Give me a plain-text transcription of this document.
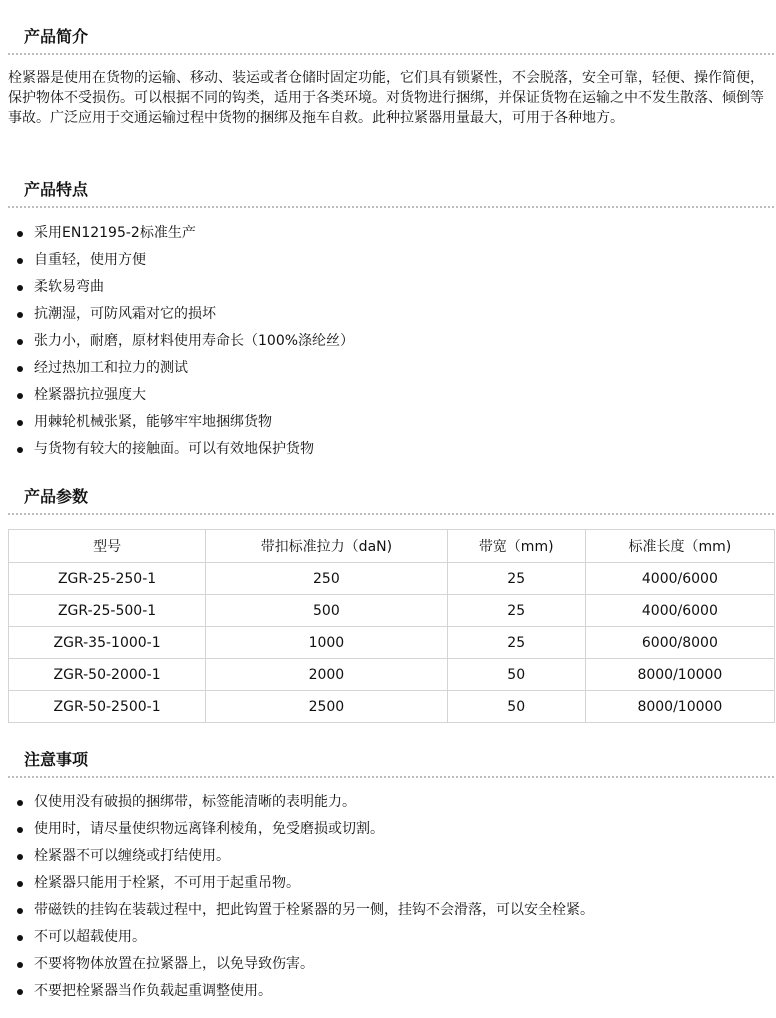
产品简介

栓紧器是使用在货物的运输、移动、装运或者仓储时固定功能，它们具有锁紧性，不会脱落，安全可靠，轻便、操作简便， 保护物体不受损伤。可以根据不同的钩类，适用于各类环境。对货物进行捆绑，并保证货物在运输之中不发生散落、倾倒等事故。广泛应用于交通运输过程中货物的捆绑及拖车自救。此种拉紧器用量最大，可用于各种地方。

产品特点
采用EN12195-2标准生产
自重轻，使用方便
柔软易弯曲
抗潮湿，可防风霜对它的损坏
张力小，耐磨，原材料使用寿命长（100%涤纶丝）
经过热加工和拉力的测试
栓紧器抗拉强度大
用棘轮机械张紧，能够牢牢地捆绑货物
与货物有较大的接触面。可以有效地保护货物
产品参数
型号	带扣标准拉力（daN)	带宽（mm)	标准长度（mm)
ZGR-25-250-1	250	25	4000/6000
ZGR-25-500-1	500	25	4000/6000
ZGR-35-1000-1	1000	25	6000/8000
ZGR-50-2000-1	2000	50	8000/10000
ZGR-50-2500-1	2500	50	8000/10000
注意事项
仅使用没有破损的捆绑带，标签能清晰的表明能力。
使用时，请尽量使织物远离锋利棱角，免受磨损或切割。
栓紧器不可以缠绕或打结使用。
栓紧器只能用于栓紧，不可用于起重吊物。
带磁铁的挂钩在装载过程中，把此钩置于栓紧器的另一侧，挂钩不会滑落，可以安全栓紧。
不可以超载使用。
不要将物体放置在拉紧器上，以免导致伤害。
不要把栓紧器当作负载起重调整使用。
